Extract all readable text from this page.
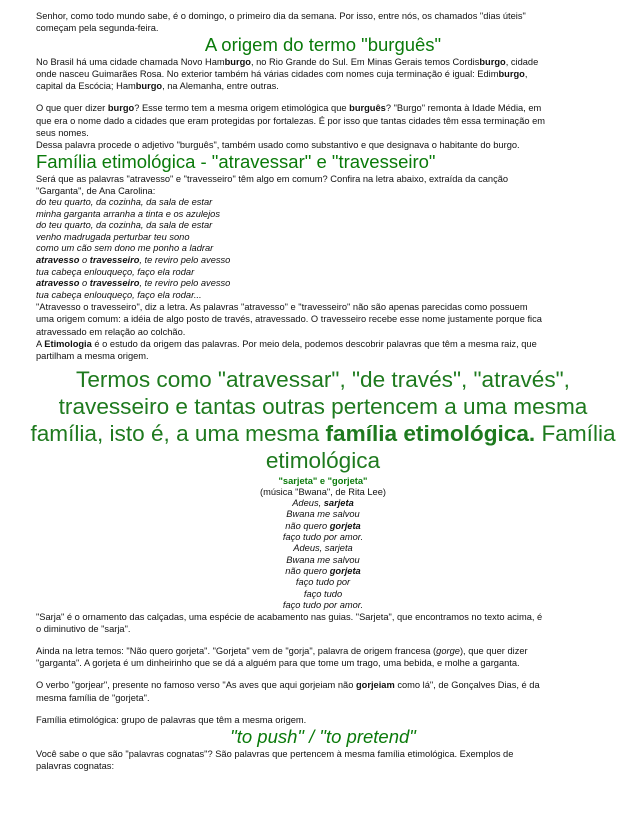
Senhor, como todo mundo sabe, é o domingo, o primeiro dia da semana. Por isso, entre nós, os chamados "dias úteis"
começam pela segunda-feira.

A origem do termo "burguês"

No Brasil há uma cidade chamada Novo Hamburgo, no Rio Grande do Sul. Em Minas Gerais temos Cordisburgo, cidade
onde nasceu Guimarães Rosa. No exterior também há várias cidades com nomes cuja terminação é igual: Edimburgo,
capital da Escócia; Hamburgo, na Alemanha, entre outras.

O que quer dizer burgo? Esse termo tem a mesma origem etimológica que burguês? "Burgo" remonta à Idade Média, em
que era o nome dado a cidades que eram protegidas por fortalezas. É por isso que tantas cidades têm essa terminação em
seus nomes.
Dessa palavra procede o adjetivo "burguês", também usado como substantivo e que designava o habitante do burgo.

Família etimológica - "atravessar" e "travesseiro"

Será que as palavras "atravesso" e "travesseiro" têm algo em comum? Confira na letra abaixo, extraída da canção
"Garganta", de Ana Carolina:

do teu quarto, da cozinha, da sala de estar
minha garganta arranha a tinta e os azulejos
do teu quarto, da cozinha, da sala de estar
venho madrugada perturbar teu sono
como um cão sem dono me ponho a ladrar
atravesso o travesseiro, te reviro pelo avesso
tua cabeça enlouqueço, faço ela rodar
atravesso o travesseiro, te reviro pelo avesso
tua cabeça enlouqueço, faço ela rodar...

"Atravesso o travesseiro", diz a letra. As palavras "atravesso" e "travesseiro" não são apenas parecidas como possuem
uma origem comum: a idéia de algo posto de través, atravessado. O travesseiro recebe esse nome justamente porque fica
atravessado em relação ao colchão.
A Etimologia é o estudo da origem das palavras. Por meio dela, podemos descobrir palavras que têm a mesma raiz, que
partilham a mesma origem.

Termos como "atravessar", "de través", "através",
travesseiro e tantas outras pertencem a uma mesma
família, isto é, a uma mesma família etimológica. Família
etimológica
"sarjeta" e "gorjeta"
(música "Bwana", de Rita Lee)
Adeus, sarjeta
Bwana me salvou
não quero gorjeta
faço tudo por amor.
Adeus, sarjeta
Bwana me salvou
não quero gorjeta
faço tudo por
faço tudo
faço tudo por amor.

"Sarja" é o ornamento das calçadas, uma espécie de acabamento nas guias. "Sarjeta", que encontramos no texto acima, é
o diminutivo de "sarja".

Ainda na letra temos: "Não quero gorjeta". "Gorjeta" vem de "gorja", palavra de origem francesa (gorge), que quer dizer
"garganta". A gorjeta é um dinheirinho que se dá a alguém para que tome um trago, uma bebida, e molhe a garganta.

O verbo "gorjear", presente no famoso verso "As aves que aqui gorjeiam não gorjeiam como lá", de Gonçalves Dias, é da
mesma família de "gorjeta".

Família etimológica: grupo de palavras que têm a mesma origem.

"to push" / "to pretend"

Você sabe o que são "palavras cognatas"? São palavras que pertencem à mesma família etimológica. Exemplos de
palavras cognatas:
